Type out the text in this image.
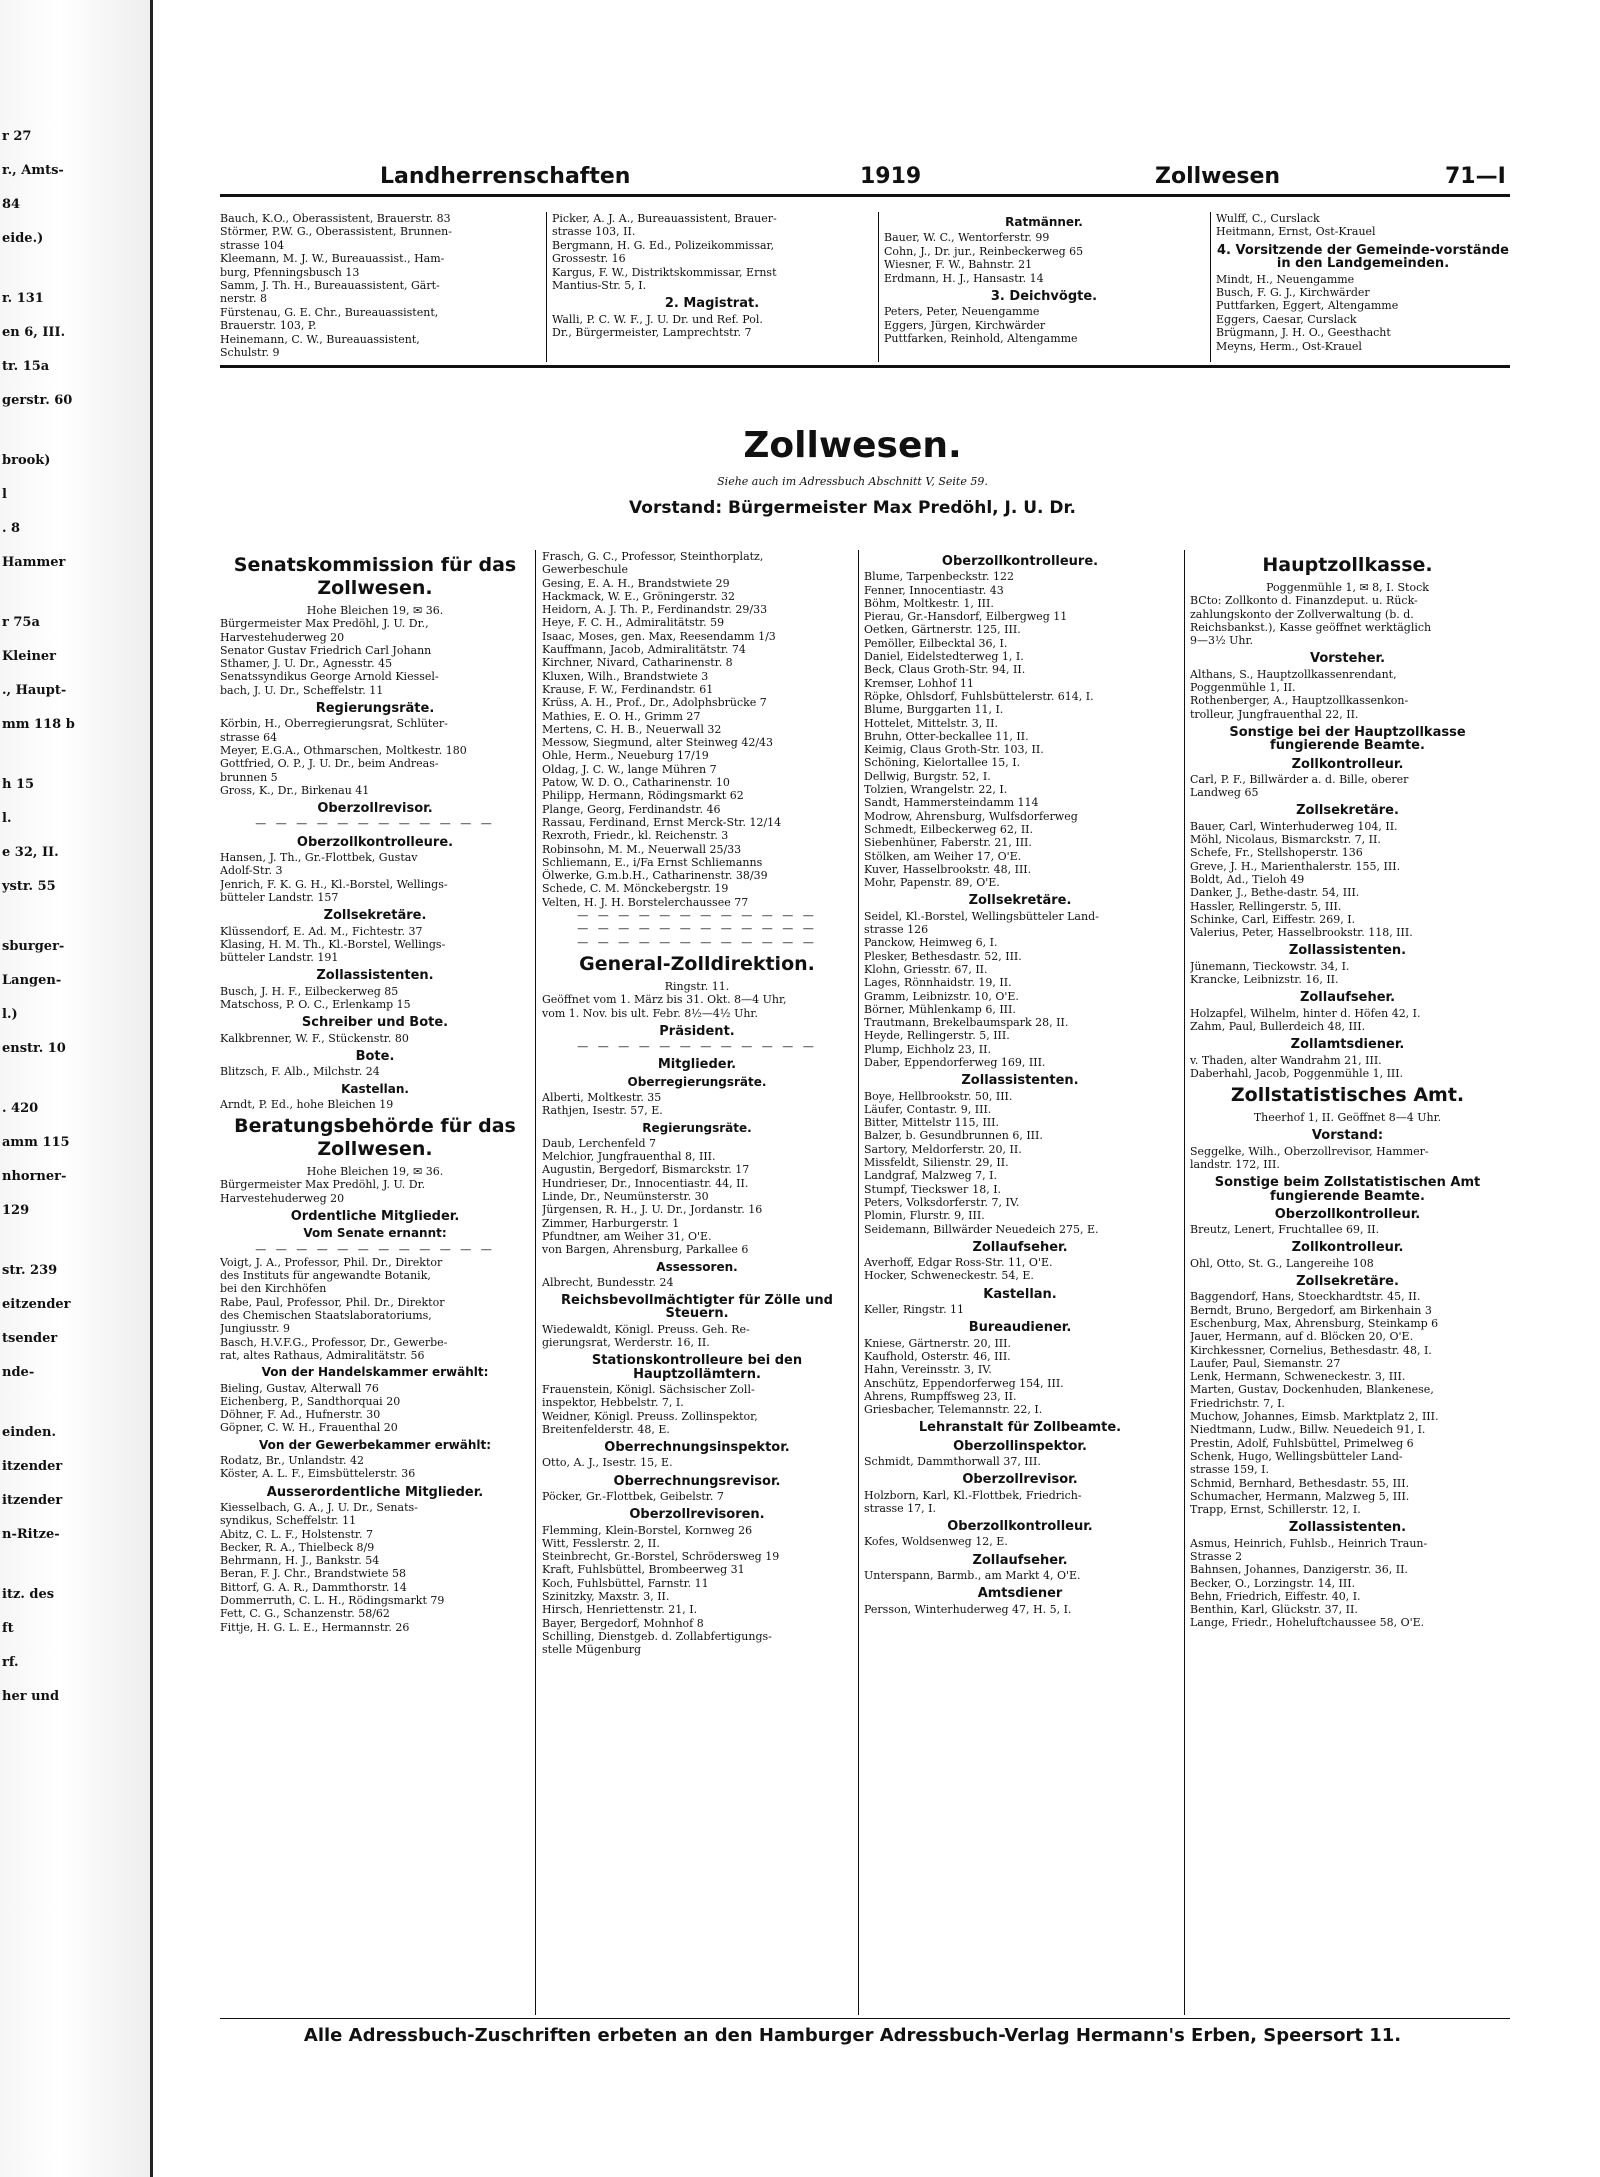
r 27
r., Amts-
84
eide.)
r. 131
en 6, III.
tr. 15a
gerstr. 60
brook)
l
. 8
Hammer
r 75a
Kleiner
., Haupt-
mm 118 b
h 15
l.
e 32, II.
ystr. 55
sburger-
Langen-
l.)
enstr. 10
. 420
amm 115
nhorner-
129
str. 239
eitzender
tsender
nde-
einden.
itzender
itzender
n-Ritze-
itz. des
ft
rf.
her und
Landherrenschaften	1919	Zollwesen	71—I

Bauch, K.O., Oberassistent, Brauerstr. 83

Störmer, P.W. G., Oberassistent, Brunnen-

strasse 104

Kleemann, M. J. W., Bureauassist., Ham-

burg, Pfenningsbusch 13

Samm, J. Th. H., Bureauassistent, Gärt-

nerstr. 8

Fürstenau, G. E. Chr., Bureauassistent,

Brauerstr. 103, P.

Heinemann, C. W., Bureauassistent,

Schulstr. 9

Picker, A. J. A., Bureauassistent, Brauer-

strasse 103, II.

Bergmann, H. G. Ed., Polizeikommissar,

Grossestr. 16

Kargus, F. W., Distriktskommissar, Ernst

Mantius-Str. 5, I.

2. Magistrat.

Walli, P. C. W. F., J. U. Dr. und Ref. Pol.

Dr., Bürgermeister, Lamprechtstr. 7

Ratmänner.

Bauer, W. C., Wentorferstr. 99

Cohn, J., Dr. jur., Reinbeckerweg 65

Wiesner, F. W., Bahnstr. 21

Erdmann, H. J., Hansastr. 14

3. Deichvögte.

Peters, Peter, Neuengamme

Eggers, Jürgen, Kirchwärder

Puttfarken, Reinhold, Altengamme

Wulff, C., Curslack

Heitmann, Ernst, Ost-Krauel

4. Vorsitzende der Gemeinde-vorstände in den Landgemeinden.

Mindt, H., Neuengamme

Busch, F. G. J., Kirchwärder

Puttfarken, Eggert, Altengamme

Eggers, Caesar, Curslack

Brügmann, J. H. O., Geesthacht

Meyns, Herm., Ost-Krauel

Zollwesen.
Siehe auch im Adressbuch Abschnitt V, Seite 59.
Vorstand: Bürgermeister Max Predöhl, J. U. Dr.
Senatskommission für das Zollwesen.
Hohe Bleichen 19, ✉ 36.

Bürgermeister Max Predöhl, J. U. Dr.,

Harvestehuderweg 20

Senator Gustav Friedrich Carl Johann

Sthamer, J. U. Dr., Agnesstr. 45

Senatssyndikus George Arnold Kiessel-

bach, J. U. Dr., Scheffelstr. 11

Regierungsräte.

Körbin, H., Oberregierungsrat, Schlüter-

strasse 64

Meyer, E.G.A., Othmarschen, Moltkestr. 180

Gottfried, O. P., J. U. Dr., beim Andreas-

brunnen 5

Gross, K., Dr., Birkenau 41

Oberzollrevisor.
— — — — — — — — — — — —
Oberzollkontrolleure.

Hansen, J. Th., Gr.-Flottbek, Gustav

Adolf-Str. 3

Jenrich, F. K. G. H., Kl.-Borstel, Wellings-

bütteler Landstr. 157

Zollsekretäre.

Klüssendorf, E. Ad. M., Fichtestr. 37

Klasing, H. M. Th., Kl.-Borstel, Wellings-

bütteler Landstr. 191

Zollassistenten.

Busch, J. H. F., Eilbeckerweg 85

Matschoss, P. O. C., Erlenkamp 15

Schreiber und Bote.

Kalkbrenner, W. F., Stückenstr. 80

Bote.

Blitzsch, F. Alb., Milchstr. 24

Kastellan.

Arndt, P. Ed., hohe Bleichen 19

Beratungsbehörde für das Zollwesen.
Hohe Bleichen 19, ✉ 36.

Bürgermeister Max Predöhl, J. U. Dr.

Harvestehuderweg 20

Ordentliche Mitglieder.
Vom Senate ernannt:
— — — — — — — — — — — —

Voigt, J. A., Professor, Phil. Dr., Direktor

des Instituts für angewandte Botanik,

bei den Kirchhöfen

Rabe, Paul, Professor, Phil. Dr., Direktor

des Chemischen Staatslaboratoriums,

Jungiusstr. 9

Basch, H.V.F.G., Professor, Dr., Gewerbe-

rat, altes Rathaus, Admiralitätstr. 56

Von der Handelskammer erwählt:

Bieling, Gustav, Alterwall 76

Eichenberg, P., Sandthorquai 20

Döhner, F. Ad., Hufnerstr. 30

Göpner, C. W. H., Frauenthal 20

Von der Gewerbekammer erwählt:

Rodatz, Br., Unlandstr. 42

Köster, A. L. F., Eimsbüttelerstr. 36

Ausserordentliche Mitglieder.

Kiesselbach, G. A., J. U. Dr., Senats-

syndikus, Scheffelstr. 11

Abitz, C. L. F., Holstenstr. 7

Becker, R. A., Thielbeck 8/9

Behrmann, H. J., Bankstr. 54

Beran, F. J. Chr., Brandstwiete 58

Bittorf, G. A. R., Dammthorstr. 14

Dommerruth, C. L. H., Rödingsmarkt 79

Fett, C. G., Schanzenstr. 58/62

Fittje, H. G. L. E., Hermannstr. 26

Frasch, G. C., Professor, Steinthorplatz,

Gewerbeschule

Gesing, E. A. H., Brandstwiete 29

Hackmack, W. E., Gröningerstr. 32

Heidorn, A. J. Th. P., Ferdinandstr. 29/33

Heye, F. C. H., Admiralitätstr. 59

Isaac, Moses, gen. Max, Reesendamm 1/3

Kauffmann, Jacob, Admiralitätstr. 74

Kirchner, Nivard, Catharinenstr. 8

Kluxen, Wilh., Brandstwiete 3

Krause, F. W., Ferdinandstr. 61

Krüss, A. H., Prof., Dr., Adolphsbrücke 7

Mathies, E. O. H., Grimm 27

Mertens, C. H. B., Neuerwall 32

Messow, Siegmund, alter Steinweg 42/43

Ohle, Herm., Neueburg 17/19

Oldag, J. C. W., lange Mühren 7

Patow, W. D. O., Catharinenstr. 10

Philipp, Hermann, Rödingsmarkt 62

Plange, Georg, Ferdinandstr. 46

Rassau, Ferdinand, Ernst Merck-Str. 12/14

Rexroth, Friedr., kl. Reichenstr. 3

Robinsohn, M. M., Neuerwall 25/33

Schliemann, E., i/Fa Ernst Schliemanns

Ölwerke, G.m.b.H., Catharinenstr. 38/39

Schede, C. M. Mönckebergstr. 19

Velten, H. J. H. Borstelerchaussee 77

— — — — — — — — — — — —
— — — — — — — — — — — —
— — — — — — — — — — — —

General-Zolldirektion.
Ringstr. 11.

Geöffnet vom 1. März bis 31. Okt. 8—4 Uhr,

vom 1. Nov. bis ult. Febr. 8½—4½ Uhr.

Präsident.
— — — — — — — — — — — —
Mitglieder.
Oberregierungsräte.

Alberti, Moltkestr. 35

Rathjen, Isestr. 57, E.

Regierungsräte.

Daub, Lerchenfeld 7

Melchior, Jungfrauenthal 8, III.

Augustin, Bergedorf, Bismarckstr. 17

Hundrieser, Dr., Innocentiastr. 44, II.

Linde, Dr., Neumünsterstr. 30

Jürgensen, R. H., J. U. Dr., Jordanstr. 16

Zimmer, Harburgerstr. 1

Pfundtner, am Weiher 31, O'E.

von Bargen, Ahrensburg, Parkallee 6

Assessoren.

Albrecht, Bundesstr. 24

Reichsbevollmächtigter für Zölle und Steuern.

Wiedewaldt, Königl. Preuss. Geh. Re-

gierungsrat, Werderstr. 16, II.

Stationskontrolleure bei den Hauptzollämtern.

Frauenstein, Königl. Sächsischer Zoll-

inspektor, Hebbelstr. 7, I.

Weidner, Königl. Preuss. Zollinspektor,

Breitenfelderstr. 48, E.

Oberrechnungsinspektor.

Otto, A. J., Isestr. 15, E.

Oberrechnungsrevisor.

Pöcker, Gr.-Flottbek, Geibelstr. 7

Oberzollrevisoren.

Flemming, Klein-Borstel, Kornweg 26

Witt, Fesslerstr. 2, II.

Steinbrecht, Gr.-Borstel, Schrödersweg 19

Kraft, Fuhlsbüttel, Brombeerweg 31

Koch, Fuhlsbüttel, Farnstr. 11

Szinitzky, Maxstr. 3, II.

Hirsch, Henriettenstr. 21, I.

Bayer, Bergedorf, Mohnhof 8

Schilling, Dienstgeb. d. Zollabfertigungs-

stelle Mügenburg

Oberzollkontrolleure.

Blume, Tarpenbeckstr. 122

Fenner, Innocentiastr. 43

Böhm, Moltkestr. 1, III.

Pierau, Gr.-Hansdorf, Eilbergweg 11

Oetken, Gärtnerstr. 125, III.

Pemöller, Eilbecktal 36, I.

Daniel, Eidelstedterweg 1, I.

Beck, Claus Groth-Str. 94, II.

Kremser, Lohhof 11

Röpke, Ohlsdorf, Fuhlsbüttelerstr. 614, I.

Blume, Burggarten 11, I.

Hottelet, Mittelstr. 3, II.

Bruhn, Otter-beckallee 11, II.

Keimig, Claus Groth-Str. 103, II.

Schöning, Kielortallee 15, I.

Dellwig, Burgstr. 52, I.

Tolzien, Wrangelstr. 22, I.

Sandt, Hammersteindamm 114

Modrow, Ahrensburg, Wulfsdorferweg

Schmedt, Eilbeckerweg 62, II.

Siebenhüner, Faberstr. 21, III.

Stölken, am Weiher 17, O'E.

Kuver, Hasselbrookstr. 48, III.

Mohr, Papenstr. 89, O'E.

Zollsekretäre.

Seidel, Kl.-Borstel, Wellingsbütteler Land-

strasse 126

Panckow, Heimweg 6, I.

Plesker, Bethesdastr. 52, III.

Klohn, Griesstr. 67, II.

Lages, Rönnhaidstr. 19, II.

Gramm, Leibnizstr. 10, O'E.

Börner, Mühlenkamp 6, III.

Trautmann, Brekelbaumspark 28, II.

Heyde, Rellingerstr. 5, III.

Plump, Eichholz 23, II.

Daber, Eppendorferweg 169, III.

Zollassistenten.

Boye, Hellbrookstr. 50, III.

Läufer, Contastr. 9, III.

Bitter, Mittelstr 115, III.

Balzer, b. Gesundbrunnen 6, III.

Sartory, Meldorferstr. 20, II.

Missfeldt, Silienstr. 29, II.

Landgraf, Malzweg 7, I.

Stumpf, Tieckswег 18, I.

Peters, Volksdorferstr. 7, IV.

Plomin, Flurstr. 9, III.

Seidemann, Billwärder Neuedeich 275, E.

Zollaufseher.

Averhoff, Edgar Ross-Str. 11, O'E.

Hocker, Schweneckestr. 54, E.

Kastellan.

Keller, Ringstr. 11

Bureaudiener.

Kniese, Gärtnerstr. 20, III.

Kaufhold, Osterstr. 46, III.

Hahn, Vereinsstr. 3, IV.

Anschütz, Eppendorferweg 154, III.

Ahrens, Rumpffsweg 23, II.

Griesbacher, Telemannstr. 22, I.

Lehranstalt für Zollbeamte.
Oberzollinspektor.

Schmidt, Dammthorwall 37, III.

Oberzollrevisor.

Holzborn, Karl, Kl.-Flottbek, Friedrich-

strasse 17, I.

Oberzollkontrolleur.

Kofes, Woldsenweg 12, E.

Zollaufseher.

Unterspann, Barmb., am Markt 4, O'E.

Amtsdiener

Persson, Winterhuderweg 47, H. 5, I.

Hauptzollkasse.
Poggenmühle 1, ✉ 8, I. Stock

BCto: Zollkonto d. Finanzdeput. u. Rück-

zahlungskonto der Zollverwaltung (b. d.

Reichsbankst.), Kasse geöffnet werktäglich

9—3½ Uhr.

Vorsteher.

Althans, S., Hauptzollkassenrendant,

Poggenmühle 1, II.

Rothenberger, A., Hauptzollkassenkon-

trolleur, Jungfrauenthal 22, II.

Sonstige bei der Hauptzollkasse fungierende Beamte.
Zollkontrolleur.

Carl, P. F., Billwärder a. d. Bille, oberer

Landweg 65

Zollsekretäre.

Bauer, Carl, Winterhuderweg 104, II.

Möhl, Nicolaus, Bismarckstr. 7, II.

Schefe, Fr., Stellshoperstr. 136

Greve, J. H., Marienthalerstr. 155, III.

Boldt, Ad., Tieloh 49

Danker, J., Bethe-dastr. 54, III.

Hassler, Rellingerstr. 5, III.

Schinke, Carl, Eiffestr. 269, I.

Valerius, Peter, Hasselbrookstr. 118, III.

Zollassistenten.

Jünemann, Tieckowstr. 34, I.

Krancke, Leibnizstr. 16, II.

Zollaufseher.

Holzapfel, Wilhelm, hinter d. Höfen 42, I.

Zahm, Paul, Bullerdeich 48, III.

Zollamtsdiener.

v. Thaden, alter Wandrahm 21, III.

Daberhahl, Jacob, Poggenmühle 1, III.

Zollstatistisches Amt.
Theerhof 1, II. Geöffnet 8—4 Uhr.
Vorstand:

Seggelke, Wilh., Oberzollrevisor, Hammer-

landstr. 172, III.

Sonstige beim Zollstatistischen Amt fungierende Beamte.
Oberzollkontrolleur.

Breutz, Lenert, Fruchtallee 69, II.

Zollkontrolleur.

Ohl, Otto, St. G., Langereihe 108

Zollsekretäre.

Baggendorf, Hans, Stoeckhardtstr. 45, II.

Berndt, Bruno, Bergedorf, am Birkenhain 3

Eschenburg, Max, Ahrensburg, Steinkamp 6

Jauer, Hermann, auf d. Blöcken 20, O'E.

Kirchkessner, Cornelius, Bethesdastr. 48, I.

Laufer, Paul, Siemanstr. 27

Lenk, Hermann, Schweneckestr. 3, III.

Marten, Gustav, Dockenhuden, Blankenese,

Friedrichstr. 7, I.

Muchow, Johannes, Eimsb. Marktplatz 2, III.

Niedtmann, Ludw., Billw. Neuedeich 91, I.

Prestin, Adolf, Fuhlsbüttel, Primelweg 6

Schenk, Hugo, Wellingsbütteler Land-

strasse 159, I.

Schmid, Bernhard, Bethesdastr. 55, III.

Schumacher, Hermann, Malzweg 5, III.

Trapp, Ernst, Schillerstr. 12, I.

Zollassistenten.

Asmus, Heinrich, Fuhlsb., Heinrich Traun-

Strasse 2

Bahnsen, Johannes, Danzigerstr. 36, II.

Becker, O., Lorzingstr. 14, III.

Behn, Friedrich, Eiffestr. 40, I.

Benthin, Karl, Glückstr. 37, II.

Lange, Friedr., Hoheluftchaussee 58, O'E.

Alle Adressbuch-Zuschriften erbeten an den Hamburger Adressbuch-Verlag Hermann's Erben, Speersort 11.
